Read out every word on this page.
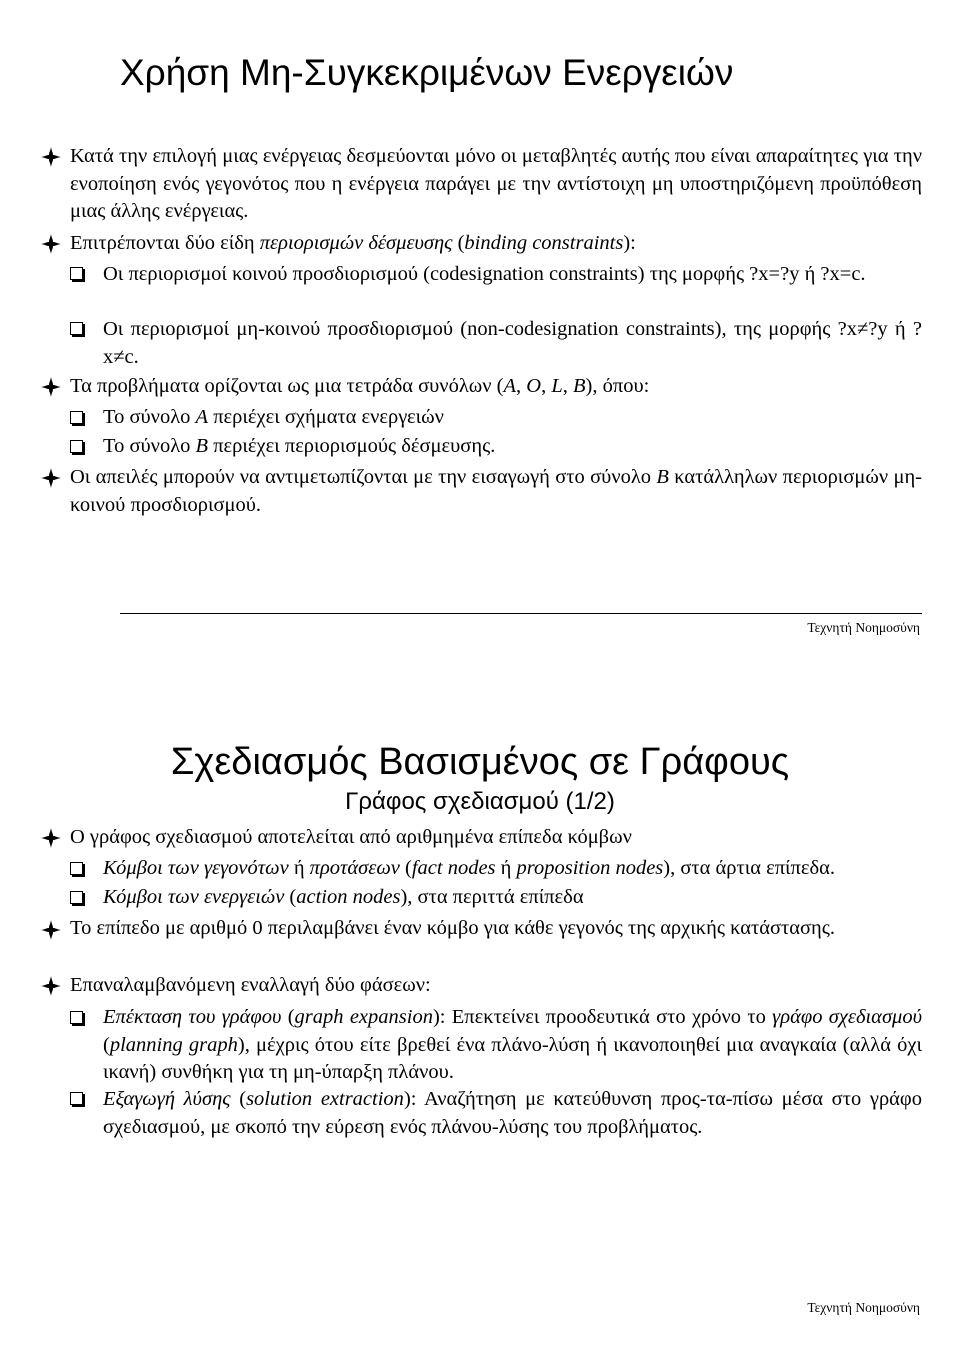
Χρήση Μη-Συγκεκριμένων Ενεργειών

Κατά την επιλογή μιας ενέργειας δεσμεύονται μόνο οι μεταβλητές αυτής που είναι απαραίτητες για την ενοποίηση ενός γεγονότος που η ενέργεια παράγει με την αντίστοιχη μη υποστηριζόμενη προϋπόθεση μιας άλλης ενέργειας.

Επιτρέπονται δύο είδη περιορισμών δέσμευσης (binding constraints):

Οι περιορισμοί κοινού προσδιορισμού (codesignation constraints) της μορφής ?x=?y ή ?x=c.

Οι περιορισμοί μη-κοινού προσδιορισμού (non-codesignation constraints), της μορφής ?x≠?y ή ?x≠c.

Τα προβλήματα ορίζονται ως μια τετράδα συνόλων (A, O, L, B), όπου:

Το σύνολο A περιέχει σχήματα ενεργειών

Το σύνολο B περιέχει περιορισμούς δέσμευσης.

Οι απειλές μπορούν να αντιμετωπίζονται με την εισαγωγή στο σύνολο B κατάλληλων περιορισμών μη-κοινού προσδιορισμού.

Τεχνητή Νοημοσύνη
Σχεδιασμός Βασισμένος σε Γράφους
Γράφος σχεδιασμού (1/2)

Ο γράφος σχεδιασμού αποτελείται από αριθμημένα επίπεδα κόμβων

Κόμβοι των γεγονότων ή προτάσεων (fact nodes ή proposition nodes), στα άρτια επίπεδα.

Κόμβοι των ενεργειών (action nodes), στα περιττά επίπεδα

Το επίπεδο με αριθμό 0 περιλαμβάνει έναν κόμβο για κάθε γεγονός της αρχικής κατάστασης.

Επαναλαμβανόμενη εναλλαγή δύο φάσεων:

Επέκταση του γράφου (graph expansion): Επεκτείνει προοδευτικά στο χρόνο το γράφο σχεδιασμού (planning graph), μέχρις ότου είτε βρεθεί ένα πλάνο-λύση ή ικανοποιηθεί μια αναγκαία (αλλά όχι ικανή) συνθήκη για τη μη-ύπαρξη πλάνου.

Εξαγωγή λύσης (solution extraction): Αναζήτηση με κατεύθυνση προς-τα-πίσω μέσα στο γράφο σχεδιασμού, με σκοπό την εύρεση ενός πλάνου-λύσης του προβλήματος.

Τεχνητή Νοημοσύνη
